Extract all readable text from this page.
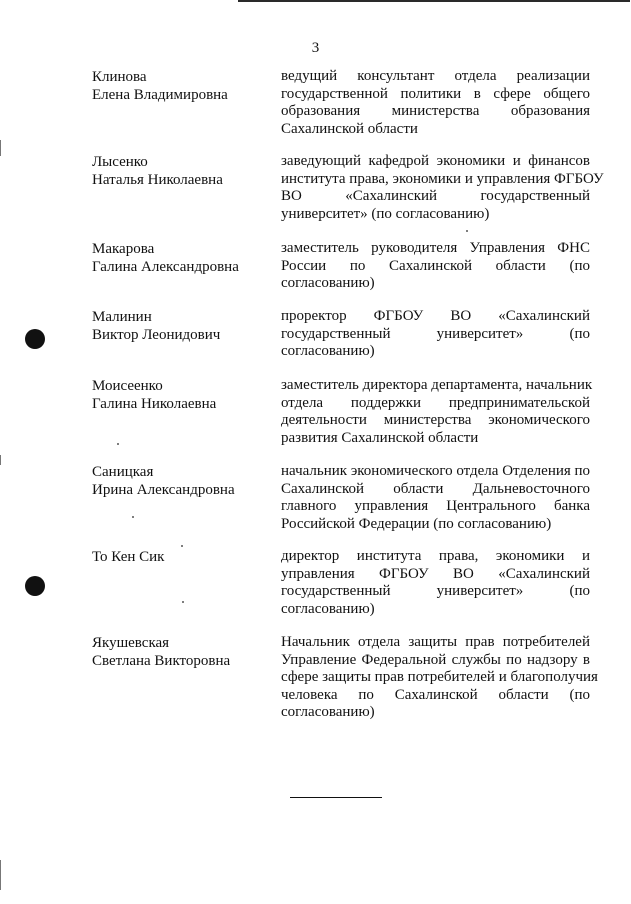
3
Клинова
Елена Владимировна
ведущий консультант отдела реализации
государственной политики в сфере общего
образования министерства образования
Сахалинской области
Лысенко
Наталья Николаевна
заведующий кафедрой экономики и финансов
института права, экономики и управления ФГБОУ
ВО «Сахалинский государственный
университет» (по согласованию)
Макарова
Галина Александровна
заместитель руководителя Управления ФНС
России по Сахалинской области (по
согласованию)
Малинин
Виктор Леонидович
проректор ФГБОУ ВО «Сахалинский
государственный университет» (по
согласованию)
Моисеенко
Галина Николаевна
заместитель директора департамента, начальник
отдела поддержки предпринимательской
деятельности министерства экономического
развития Сахалинской области
Саницкая
Ирина Александровна
начальник экономического отдела Отделения по
Сахалинской области Дальневосточного
главного управления Центрального банка
Российской Федерации (по согласованию)
То Кен Сик	директор института права, экономики и
управления ФГБОУ ВО «Сахалинский
государственный университет» (по
согласованию)
Якушевская
Светлана Викторовна
Начальник отдела защиты прав потребителей
Управление Федеральной службы по надзору в
сфере защиты прав потребителей и благополучия
человека по Сахалинской области (по
согласованию)
